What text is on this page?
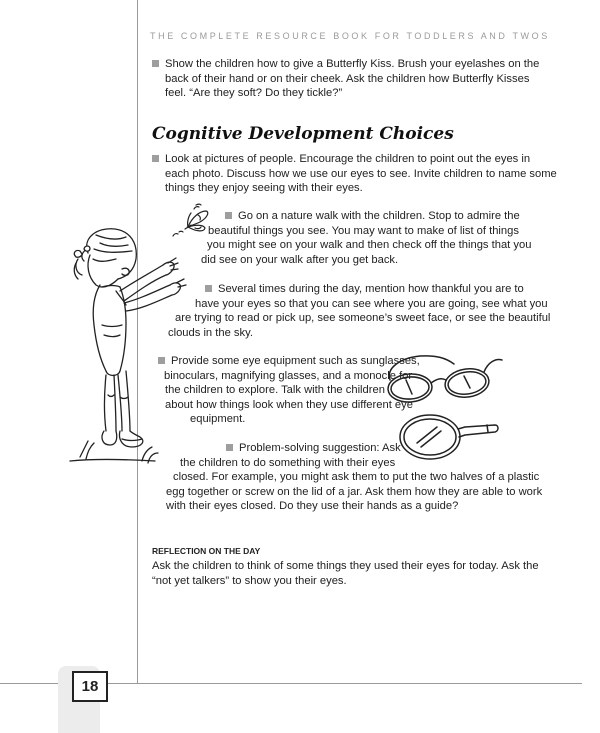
18
THE COMPLETE RESOURCE BOOK FOR TODDLERS AND TWOS
Show the children how to give a Butterfly Kiss. Brush your eyelashes on the
back of their hand or on their cheek. Ask the children how Butterfly Kisses
feel. “Are they soft? Do they tickle?”
Cognitive Development Choices
Look at pictures of people. Encourage the children to point out the eyes in
each photo. Discuss how we use our eyes to see. Invite children to name some
things they enjoy seeing with their eyes.
Go on a nature walk with the children. Stop to admire the
beautiful things you see. You may want to make of list of things
you might see on your walk and then check off the things that you
did see on your walk after you get back.
Several times during the day, mention how thankful you are to
have your eyes so that you can see where you are going, see what you
are trying to read or pick up, see someone’s sweet face, or see the beautiful
clouds in the sky.
Provide some eye equipment such as sunglasses,
binoculars, magnifying glasses, and a monocle for
the children to explore. Talk with the children
about how things look when they use different eye
equipment.
Problem-solving suggestion: Ask
the children to do something with their eyes
closed. For example, you might ask them to put the two halves of a plastic
egg together or screw on the lid of a jar. Ask them how they are able to work
with their eyes closed. Do they use their hands as a guide?
REFLECTION ON THE DAY
Ask the children to think of some things they used their eyes for today. Ask the
“not yet talkers” to show you their eyes.
